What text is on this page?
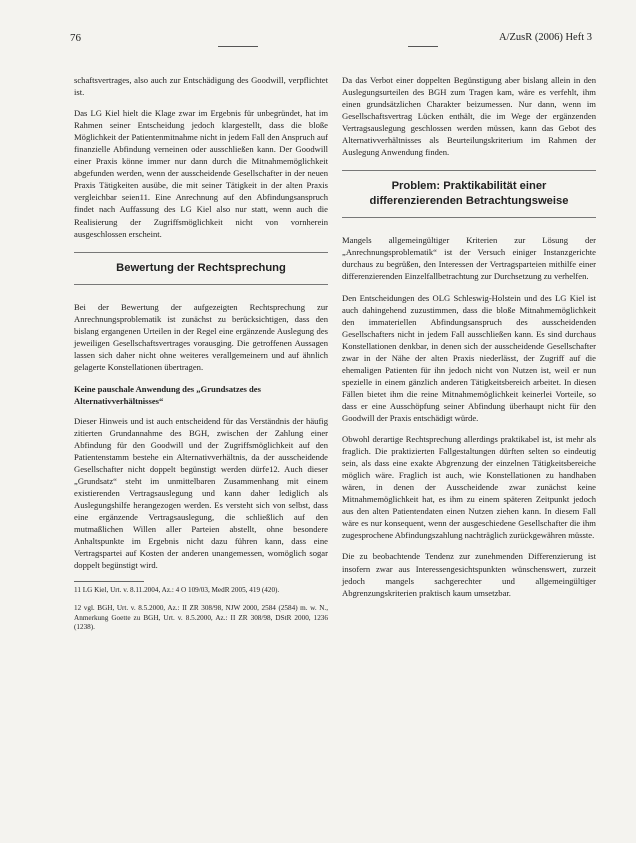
76	A/ZusR (2006) Heft 3

schaftsvertrages, also auch zur Entschädigung des Goodwill, verpflichtet ist.

Das LG Kiel hielt die Klage zwar im Ergebnis für unbegründet, hat im Rahmen seiner Entscheidung jedoch klargestellt, dass die bloße Möglichkeit der Patientenmitnahme nicht in jedem Fall den Anspruch auf finanzielle Abfindung verneinen oder ausschließen kann. Der Goodwill einer Praxis könne immer nur dann durch die Mitnahmemöglichkeit abgefunden werden, wenn der ausscheidende Gesellschafter in der neuen Praxis Tätigkeiten ausübe, die mit seiner Tätigkeit in der alten Praxis vergleichbar seien11. Eine Anrechnung auf den Abfindungsanspruch findet nach Auffassung des LG Kiel also nur statt, wenn auch die Realisierung der Zugriffsmöglichkeit nicht von vornherein ausgeschlossen erscheint.

Bewertung der Rechtsprechung

Bei der Bewertung der aufgezeigten Rechtsprechung zur Anrechnungsproblematik ist zunächst zu berücksichtigen, dass den bislang ergangenen Urteilen in der Regel eine ergänzende Auslegung des jeweiligen Gesellschaftsvertrages vorausging. Die getroffenen Aussagen lassen sich daher nicht ohne weiteres verallgemeinern und auf ähnlich gelagerte Konstellationen übertragen.

Keine pauschale Anwendung des „Grundsatzes des Alternativverhältnisses“

Dieser Hinweis und ist auch entscheidend für das Verständnis der häufig zitierten Grundannahme des BGH, zwischen der Zahlung einer Abfindung für den Goodwill und der Zugriffsmöglichkeit auf den Patientenstamm bestehe ein Alternativverhältnis, da der ausscheidende Gesellschafter nicht doppelt begünstigt werden dürfe12. Auch dieser „Grundsatz“ steht im unmittelbaren Zusammenhang mit einem existierenden Vertragsauslegung und kann daher lediglich als Auslegungshilfe herangezogen werden. Es versteht sich von selbst, dass eine ergänzende Vertragsauslegung, die schließlich auf den mutmaßlichen Willen aller Parteien abstellt, ohne besondere Anhaltspunkte im Ergebnis nicht dazu führen kann, dass eine Vertragspartei auf Kosten der anderen unangemessen, womöglich sogar doppelt begünstigt wird.

11 LG Kiel, Urt. v. 8.11.2004, Az.: 4 O 109/03, MedR 2005, 419 (420).

12 vgl. BGH, Urt. v. 8.5.2000, Az.: II ZR 308/98, NJW 2000, 2584 (2584) m. w. N., Anmerkung Goette zu BGH, Urt. v. 8.5.2000, Az.: II ZR 308/98, DStR 2000, 1236 (1238).

Da das Verbot einer doppelten Begünstigung aber bislang allein in den Auslegungsurteilen des BGH zum Tragen kam, wäre es verfehlt, ihm einen grundsätzlichen Charakter beizumessen. Nur dann, wenn im Gesellschaftsvertrag Lücken enthält, die im Wege der ergänzenden Vertragsauslegung geschlossen werden müssen, kann das Gebot des Alternativverhältnisses als Beurteilungskriterium im Rahmen der Auslegung Anwendung finden.

Problem: Praktikabilität einer differenzierenden Betrachtungsweise

Mangels allgemeingültiger Kriterien zur Lösung der „Anrechnungsproblematik“ ist der Versuch einiger Instanzgerichte durchaus zu begrüßen, den Interessen der Vertragsparteien mithilfe einer differenzierenden Einzelfallbetrachtung zur Durchsetzung zu verhelfen.

Den Entscheidungen des OLG Schleswig-Holstein und des LG Kiel ist auch dahingehend zuzustimmen, dass die bloße Mitnahmemöglichkeit den immateriellen Abfindungsanspruch des ausscheidenden Gesellschafters nicht in jedem Fall ausschließen kann. Es sind durchaus Konstellationen denkbar, in denen sich der ausscheidende Gesellschafter zwar in der Nähe der alten Praxis niederlässt, der Zugriff auf die ehemaligen Patienten für ihn jedoch nicht von Nutzen ist, weil er nun spezielle in einem gänzlich anderen Tätigkeitsbereich arbeitet. In diesen Fällen bietet ihm die reine Mitnahmemöglichkeit keinerlei Vorteile, so dass er eine Ausschöpfung seiner Abfindung überhaupt nicht für den Goodwill der Praxis entschädigt würde.

Obwohl derartige Rechtsprechung allerdings praktikabel ist, ist mehr als fraglich. Die praktizierten Fallgestaltungen dürften selten so eindeutig sein, als dass eine exakte Abgrenzung der einzelnen Tätigkeitsbereiche möglich wäre. Fraglich ist auch, wie Konstellationen zu handhaben wären, in denen der Ausscheidende zwar zunächst keine Mitnahmemöglichkeit hat, es ihm zu einem späteren Zeitpunkt jedoch aus den alten Patientendaten einen Nutzen ziehen kann. In diesem Fall wäre es nur konsequent, wenn der ausgeschiedene Gesellschafter die ihm zugesprochene Abfindungszahlung nachträglich zurückgewähren müsste.

Die zu beobachtende Tendenz zur zunehmenden Differenzierung ist insofern zwar aus Interessengesichtspunkten wünschenswert, zurzeit jedoch mangels sachgerechter und allgemeingültiger Abgrenzungskriterien praktisch kaum umsetzbar.
